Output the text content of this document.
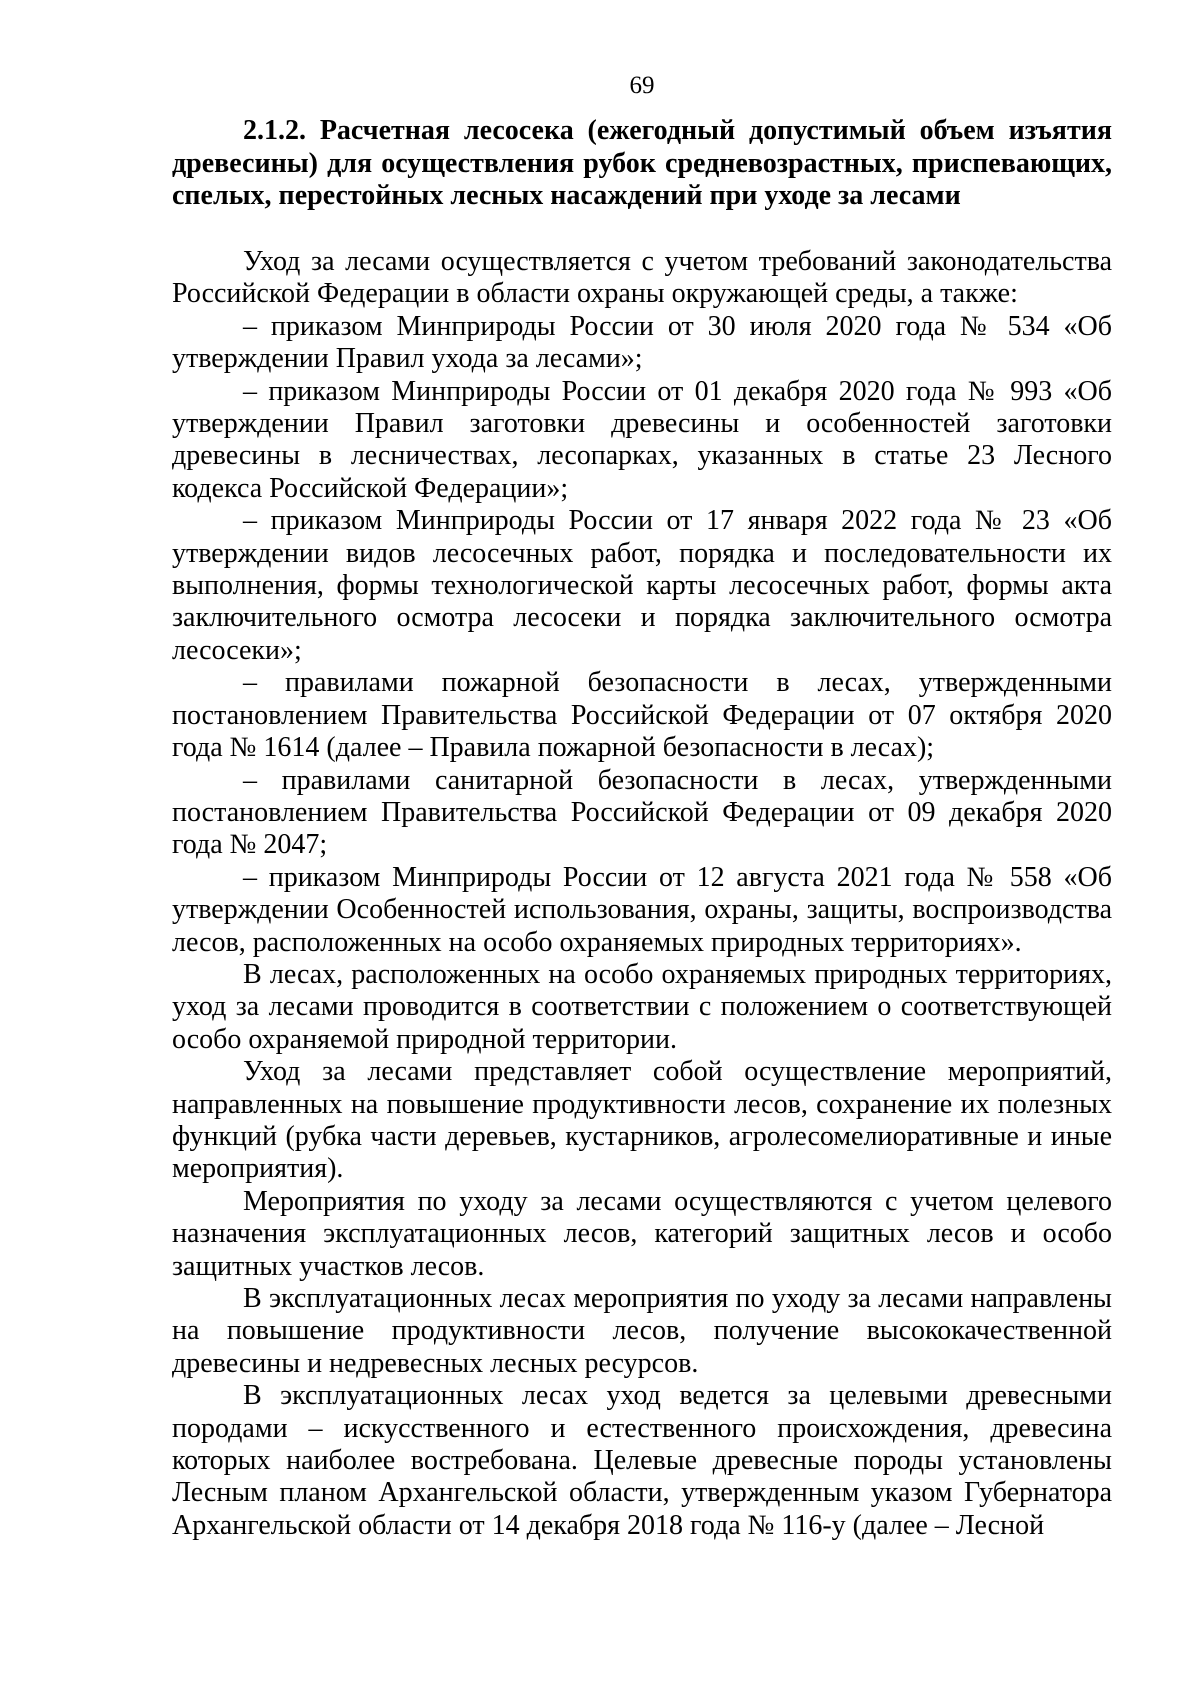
69
2.1.2. Расчетная лесосека (ежегодный допустимый объем изъятия древесины) для осуществления рубок средневозрастных, приспевающих, спелых, перестойных лесных насаждений при уходе за лесами

Уход за лесами осуществляется с учетом требований законодательства Российской Федерации в области охраны окружающей среды, а также:

– приказом Минприроды России от 30 июля 2020 года № 534 «Об утверждении Правил ухода за лесами»;

– приказом Минприроды России от 01 декабря 2020 года № 993 «Об утверждении Правил заготовки древесины и особенностей заготовки древесины в лесничествах, лесопарках, указанных в статье 23 Лесного кодекса Российской Федерации»;

– приказом Минприроды России от 17 января 2022 года № 23 «Об утверждении видов лесосечных работ, порядка и последовательности их выполнения, формы технологической карты лесосечных работ, формы акта заключительного осмотра лесосеки и порядка заключительного осмотра лесосеки»;

– правилами пожарной безопасности в лесах, утвержденными постановлением Правительства Российской Федерации от 07 октября 2020 года № 1614 (далее – Правила пожарной безопасности в лесах);

– правилами санитарной безопасности в лесах, утвержденными постановлением Правительства Российской Федерации от 09 декабря 2020 года № 2047;

– приказом Минприроды России от 12 августа 2021 года № 558 «Об утверждении Особенностей использования, охраны, защиты, воспроизводства лесов, расположенных на особо охраняемых природных территориях».

В лесах, расположенных на особо охраняемых природных территориях, уход за лесами проводится в соответствии с положением о соответствующей особо охраняемой природной территории.

Уход за лесами представляет собой осуществление мероприятий, направленных на повышение продуктивности лесов, сохранение их полезных функций (рубка части деревьев, кустарников, агролесомелиоративные и иные мероприятия).

Мероприятия по уходу за лесами осуществляются с учетом целевого назначения эксплуатационных лесов, категорий защитных лесов и особо защитных участков лесов.

В эксплуатационных лесах мероприятия по уходу за лесами направлены на повышение продуктивности лесов, получение высококачественной древесины и недревесных лесных ресурсов.

В эксплуатационных лесах уход ведется за целевыми древесными породами – искусственного и естественного происхождения, древесина которых наиболее востребована. Целевые древесные породы установлены Лесным планом Архангельской области, утвержденным указом Губернатора Архангельской области от 14 декабря 2018 года № 116-у (далее – Лесной
